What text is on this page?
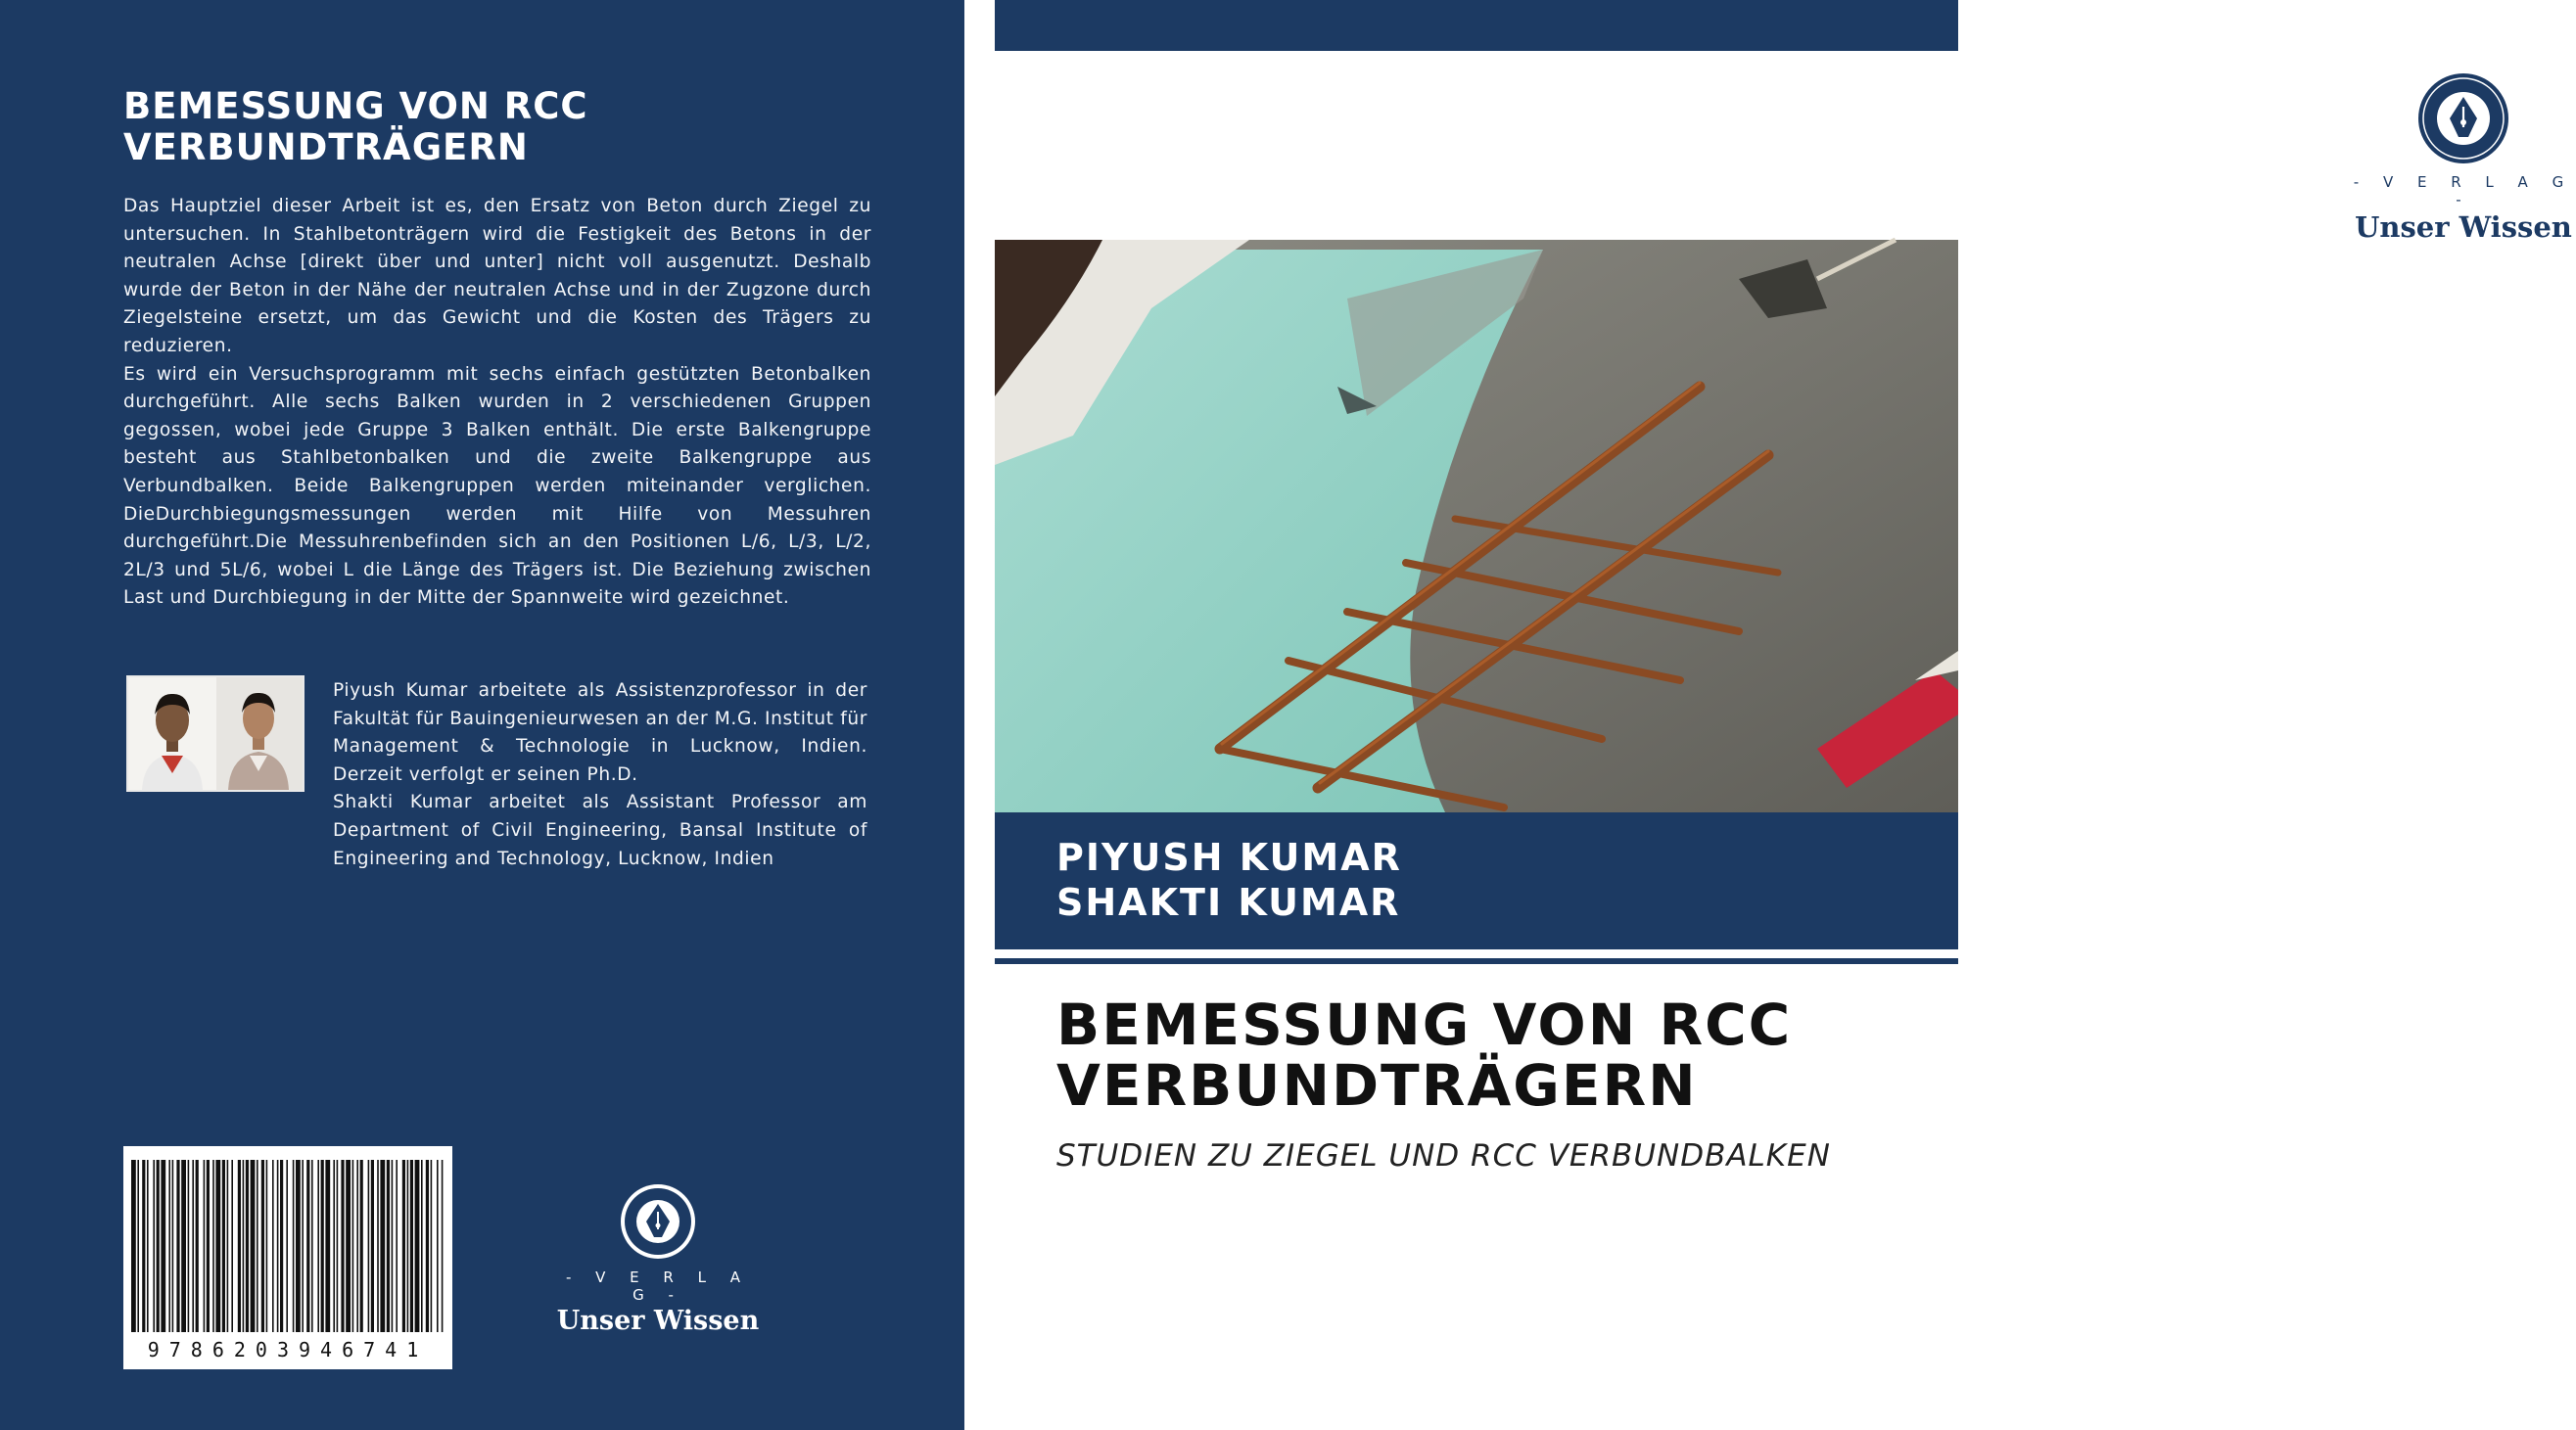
BEMESSUNG VON RCC VERBUNDTRÄGERN

Das Hauptziel dieser Arbeit ist es, den Ersatz von Beton durch Ziegel zu untersuchen. In Stahlbetonträgern wird die Festigkeit des Betons in der neutralen Achse [direkt über und unter] nicht voll ausgenutzt. Deshalb wurde der Beton in der Nähe der neutralen Achse und in der Zugzone durch Ziegelsteine ersetzt, um das Gewicht und die Kosten des Trägers zu reduzieren.

Es wird ein Versuchsprogramm mit sechs einfach gestützten Betonbalken durchgeführt. Alle sechs Balken wurden in 2 verschiedenen Gruppen gegossen, wobei jede Gruppe 3 Balken enthält. Die erste Balkengruppe besteht aus Stahlbetonbalken und die zweite Balkengruppe aus Verbundbalken. Beide Balkengruppen werden miteinander verglichen. DieDurchbiegungsmessungen werden mit Hilfe von Messuhren durchgeführt.Die Messuhrenbefinden sich an den Positionen L/6, L/3, L/2, 2L/3 und 5L/6, wobei L die Länge des Trägers ist. Die Beziehung zwischen Last und Durchbiegung in der Mitte der Spannweite wird gezeichnet.

Piyush Kumar arbeitete als Assistenzprofessor in der Fakultät für Bauingenieurwesen an der M.G. Institut für Management & Technologie in Lucknow, Indien. Derzeit verfolgt er seinen Ph.D.

Shakti Kumar arbeitet als Assistant Professor am Department of Civil Engineering, Bansal Institute of Engineering and Technology, Lucknow, Indien

9786203946741
- V E R L A G -
Unser Wissen
- V E R L A G -
Unser Wissen
PIYUSH KUMAR
SHAKTI KUMAR
BEMESSUNG VON RCC VERBUNDTRÄGERN
STUDIEN ZU ZIEGEL UND RCC VERBUNDBALKEN
